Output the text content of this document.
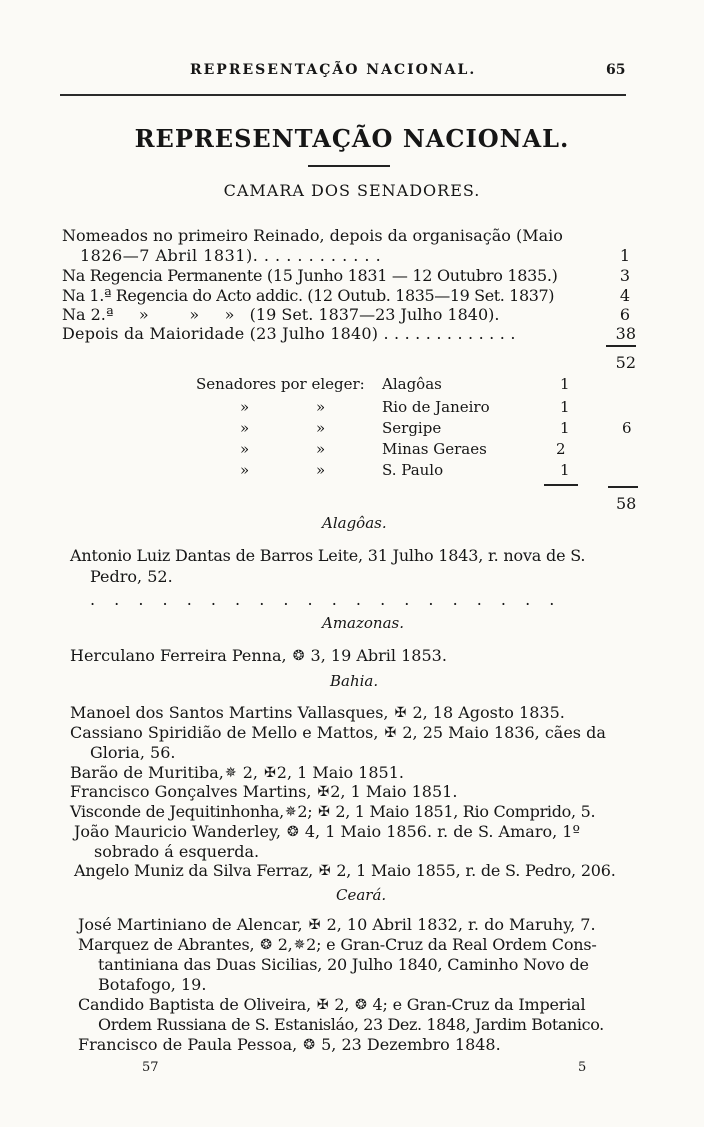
REPRESENTAÇÃO NACIONAL.	65
REPRESENTAÇÃO NACIONAL.
CAMARA DOS SENADORES.
Nomeados no primeiro Reinado, depois da organisação (Maio
1826—7 Abril 1831). . . . . . . . . . . .	1
Na Regencia Permanente (15 Junho 1831 — 12 Outubro 1835.)	3
Na 1.ª Regencia do Acto addic. (12 Outub. 1835—19 Set. 1837)	4
Na 2.ª     »        »     »   (19 Set. 1837—23 Julho 1840).	6
Depois da Maioridade (23 Julho 1840) . . . . . . . . . . . . .	38
52
Senadores por eleger: Alagôas	1
»	»	Rio de Janeiro	1
»	»	Sergipe	1	6
»	»	Minas Geraes	2
»	»	S. Paulo	1
58
Alagôas.
Antonio Luiz Dantas de Barros Leite, 31 Julho 1843, r. nova de S.
Pedro, 52.
. . . . . . . . . . . . . . . . . . . .
Amazonas.
Herculano Ferreira Penna, ❂ 3, 19 Abril 1853.
Bahia.
Manoel dos Santos Martins Vallasques, ✠ 2, 18 Agosto 1835.
Cassiano Spiridião de Mello e Mattos, ✠ 2, 25 Maio 1836, cães da
Gloria, 56.
Barão de Muritiba,✵ 2, ✠2, 1 Maio 1851.
Francisco Gonçalves Martins, ✠2, 1 Maio 1851.
Visconde de Jequitinhonha,✵2; ✠ 2, 1 Maio 1851, Rio Comprido, 5.
João Mauricio Wanderley, ❂ 4, 1 Maio 1856. r. de S. Amaro, 1º
sobrado á esquerda.
Angelo Muniz da Silva Ferraz, ✠ 2, 1 Maio 1855, r. de S. Pedro, 206.
Ceará.
José Martiniano de Alencar, ✠ 2, 10 Abril 1832, r. do Maruhy, 7.
Marquez de Abrantes, ❂ 2,✵2; e Gran-Cruz da Real Ordem Cons-
tantiniana das Duas Sicilias, 20 Julho 1840, Caminho Novo de
Botafogo, 19.
Candido Baptista de Oliveira, ✠ 2, ❂ 4; e Gran-Cruz da Imperial
Ordem Russiana de S. Estanisláo, 23 Dez. 1848, Jardim Botanico.
Francisco de Paula Pessoa, ❂ 5, 23 Dezembro 1848.
57	5
